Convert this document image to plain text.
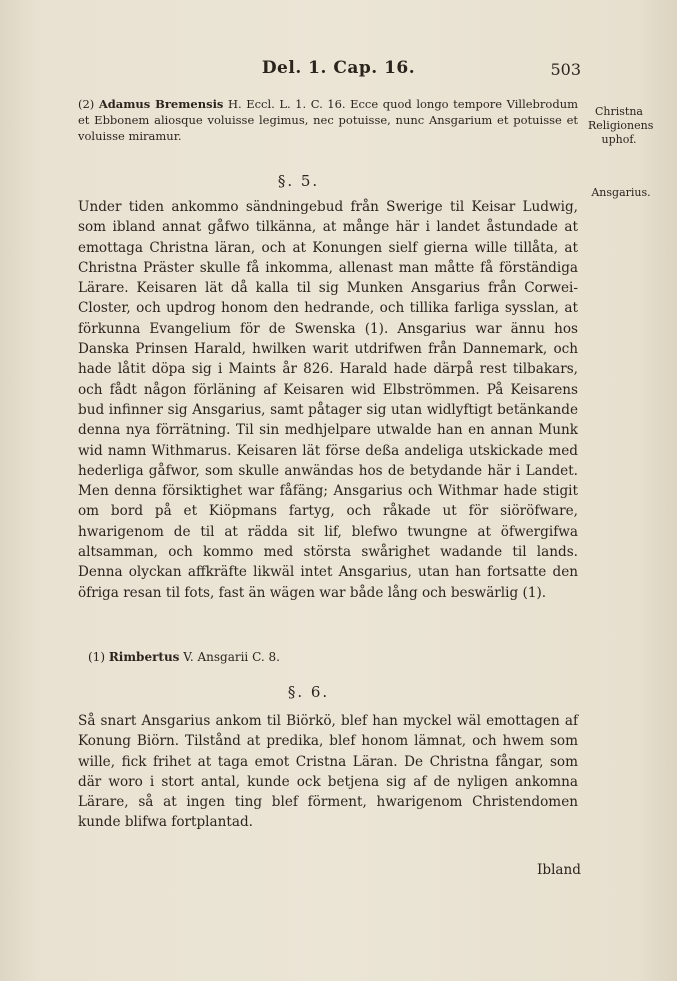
Del. 1. Cap. 16.	503
(2) Adamus Bremensis H. Eccl. L. 1. C. 16. Ecce quod longo tempore Villebrodum et Ebbonem aliosque voluisse legimus, nec potuisse, nunc Ansgarium et potuisse et voluisse miramur.
Christna Religionens uphof.
Ansgarius.
§. 5.

Under tiden ankommo sändningebud från Swerige til Keisar Ludwig, som ibland annat gåfwo tilkänna, at månge här i landet åstundade at emottaga Christna läran, och at Konungen sielf gierna wille tillåta, at Christna Präster skulle få inkomma, allenast man måtte få förständiga Lärare. Keisaren lät då kalla til sig Munken Ansgarius från Corwei-Closter, och updrog honom den hedrande, och tillika farliga sysslan, at förkunna Evangelium för de Swenska (1). Ansgarius war ännu hos Danska Prinsen Harald, hwilken warit utdrifwen från Dannemark, och hade låtit döpa sig i Maints år 826. Harald hade därpå rest tilbakars, och fådt någon förläning af Keisaren wid Elbströmmen. På Keisarens bud infinner sig Ansgarius, samt påtager sig utan widlyftigt betänkande denna nya förrätning. Til sin medhjelpare utwalde han en annan Munk wid namn Withmarus. Keisaren lät förse deßa andeliga utskickade med hederliga gåfwor, som skulle anwändas hos de betydande här i Landet. Men denna försiktighet war fåfäng; Ansgarius och Withmar hade stigit om bord på et Kiöpmans fartyg, och råkade ut för siöröfware, hwarigenom de til at rädda sit lif, blefwo twungne at öfwergifwa altsamman, och kommo med största swårighet wadande til lands. Denna olyckan affkräfte likwäl intet Ansgarius, utan han fortsatte den öfriga resan til fots, fast än wägen war både lång och beswärlig (1).

(1) Rimbertus V. Ansgarii C. 8.
§. 6.

Så snart Ansgarius ankom til Biörkö, blef han myckel wäl emottagen af Konung Biörn. Tilstånd at predika, blef honom lämnat, och hwem som wille, fick frihet at taga emot Cristna Läran. De Christna fångar, som där woro i stort antal, kunde ock betjena sig af de nyligen ankomna Lärare, så at ingen ting blef förment, hwarigenom Christendomen kunde blifwa fortplantad.

Ibland
